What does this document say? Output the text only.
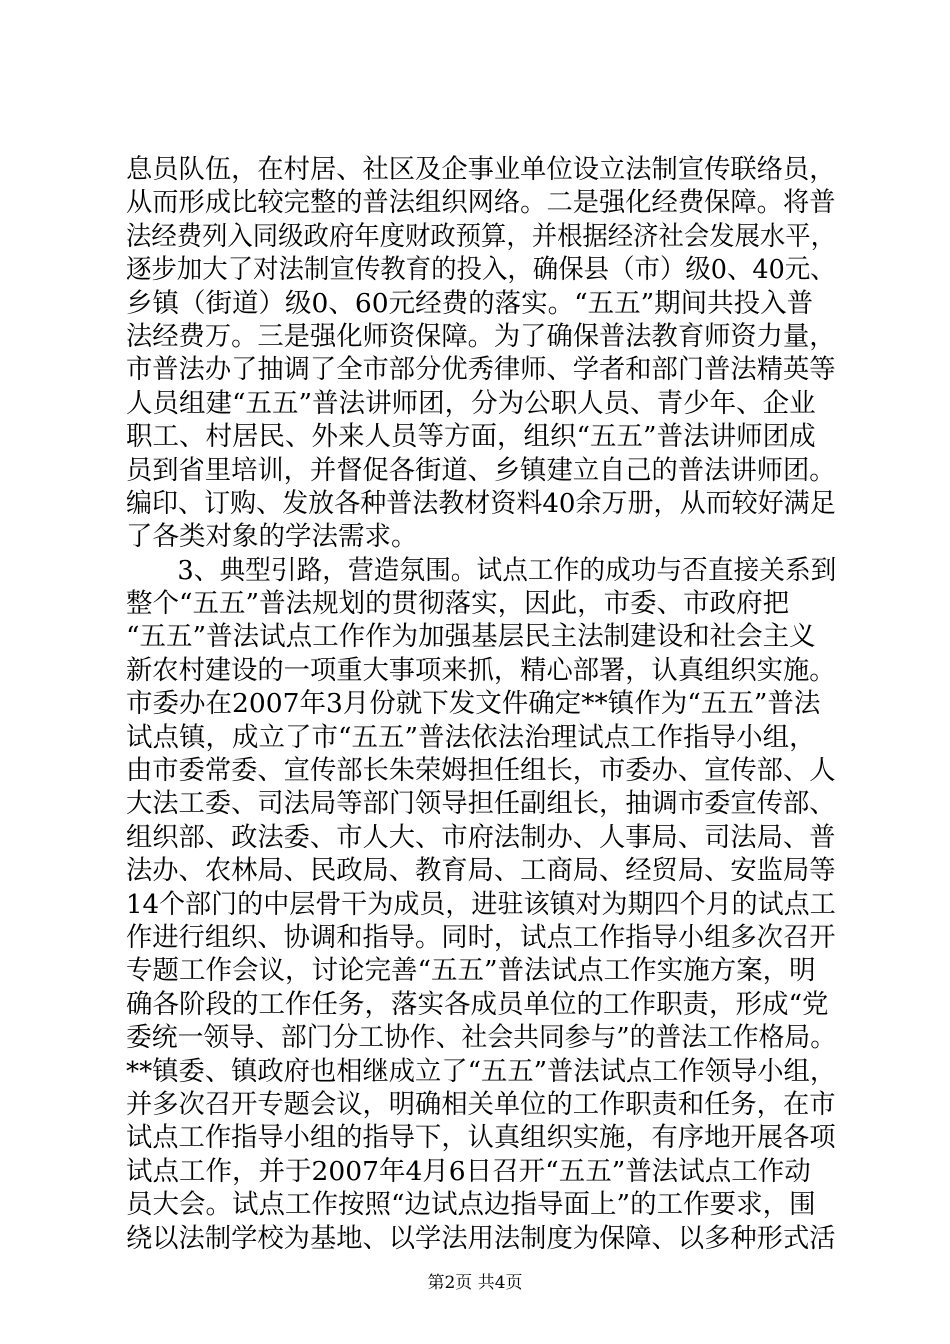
息员队伍，在村居、社区及企事业单位设立法制宣传联络员，
从而形成比较完整的普法组织网络。二是强化经费保障。将普
法经费列入同级政府年度财政预算，并根据经济社会发展水平，
逐步加大了对法制宣传教育的投入，确保县（市）级0、40元、
乡镇（街道）级0、60元经费的落实。“五五”期间共投入普
法经费万。三是强化师资保障。为了确保普法教育师资力量，
市普法办了抽调了全市部分优秀律师、学者和部门普法精英等
人员组建“五五”普法讲师团，分为公职人员、青少年、企业
职工、村居民、外来人员等方面，组织“五五”普法讲师团成
员到省里培训，并督促各街道、乡镇建立自己的普法讲师团。
编印、订购、发放各种普法教材资料40余万册，从而较好满足
了各类对象的学法需求。
　　3、典型引路，营造氛围。试点工作的成功与否直接关系到
整个“五五”普法规划的贯彻落实，因此，市委、市政府把
“五五”普法试点工作作为加强基层民主法制建设和社会主义
新农村建设的一项重大事项来抓，精心部署，认真组织实施。
市委办在2007年3月份就下发文件确定**镇作为“五五”普法
试点镇，成立了市“五五”普法依法治理试点工作指导小组，
由市委常委、宣传部长朱荣姆担任组长，市委办、宣传部、人
大法工委、司法局等部门领导担任副组长，抽调市委宣传部、
组织部、政法委、市人大、市府法制办、人事局、司法局、普
法办、农林局、民政局、教育局、工商局、经贸局、安监局等
14个部门的中层骨干为成员，进驻该镇对为期四个月的试点工
作进行组织、协调和指导。同时，试点工作指导小组多次召开
专题工作会议，讨论完善“五五”普法试点工作实施方案，明
确各阶段的工作任务，落实各成员单位的工作职责，形成“党
委统一领导、部门分工协作、社会共同参与”的普法工作格局。
**镇委、镇政府也相继成立了“五五”普法试点工作领导小组，
并多次召开专题会议，明确相关单位的工作职责和任务，在市
试点工作指导小组的指导下，认真组织实施，有序地开展各项
试点工作，并于2007年4月6日召开“五五”普法试点工作动
员大会。试点工作按照“边试点边指导面上”的工作要求，围
绕以法制学校为基地、以学法用法制度为保障、以多种形式活
第2页 共4页
